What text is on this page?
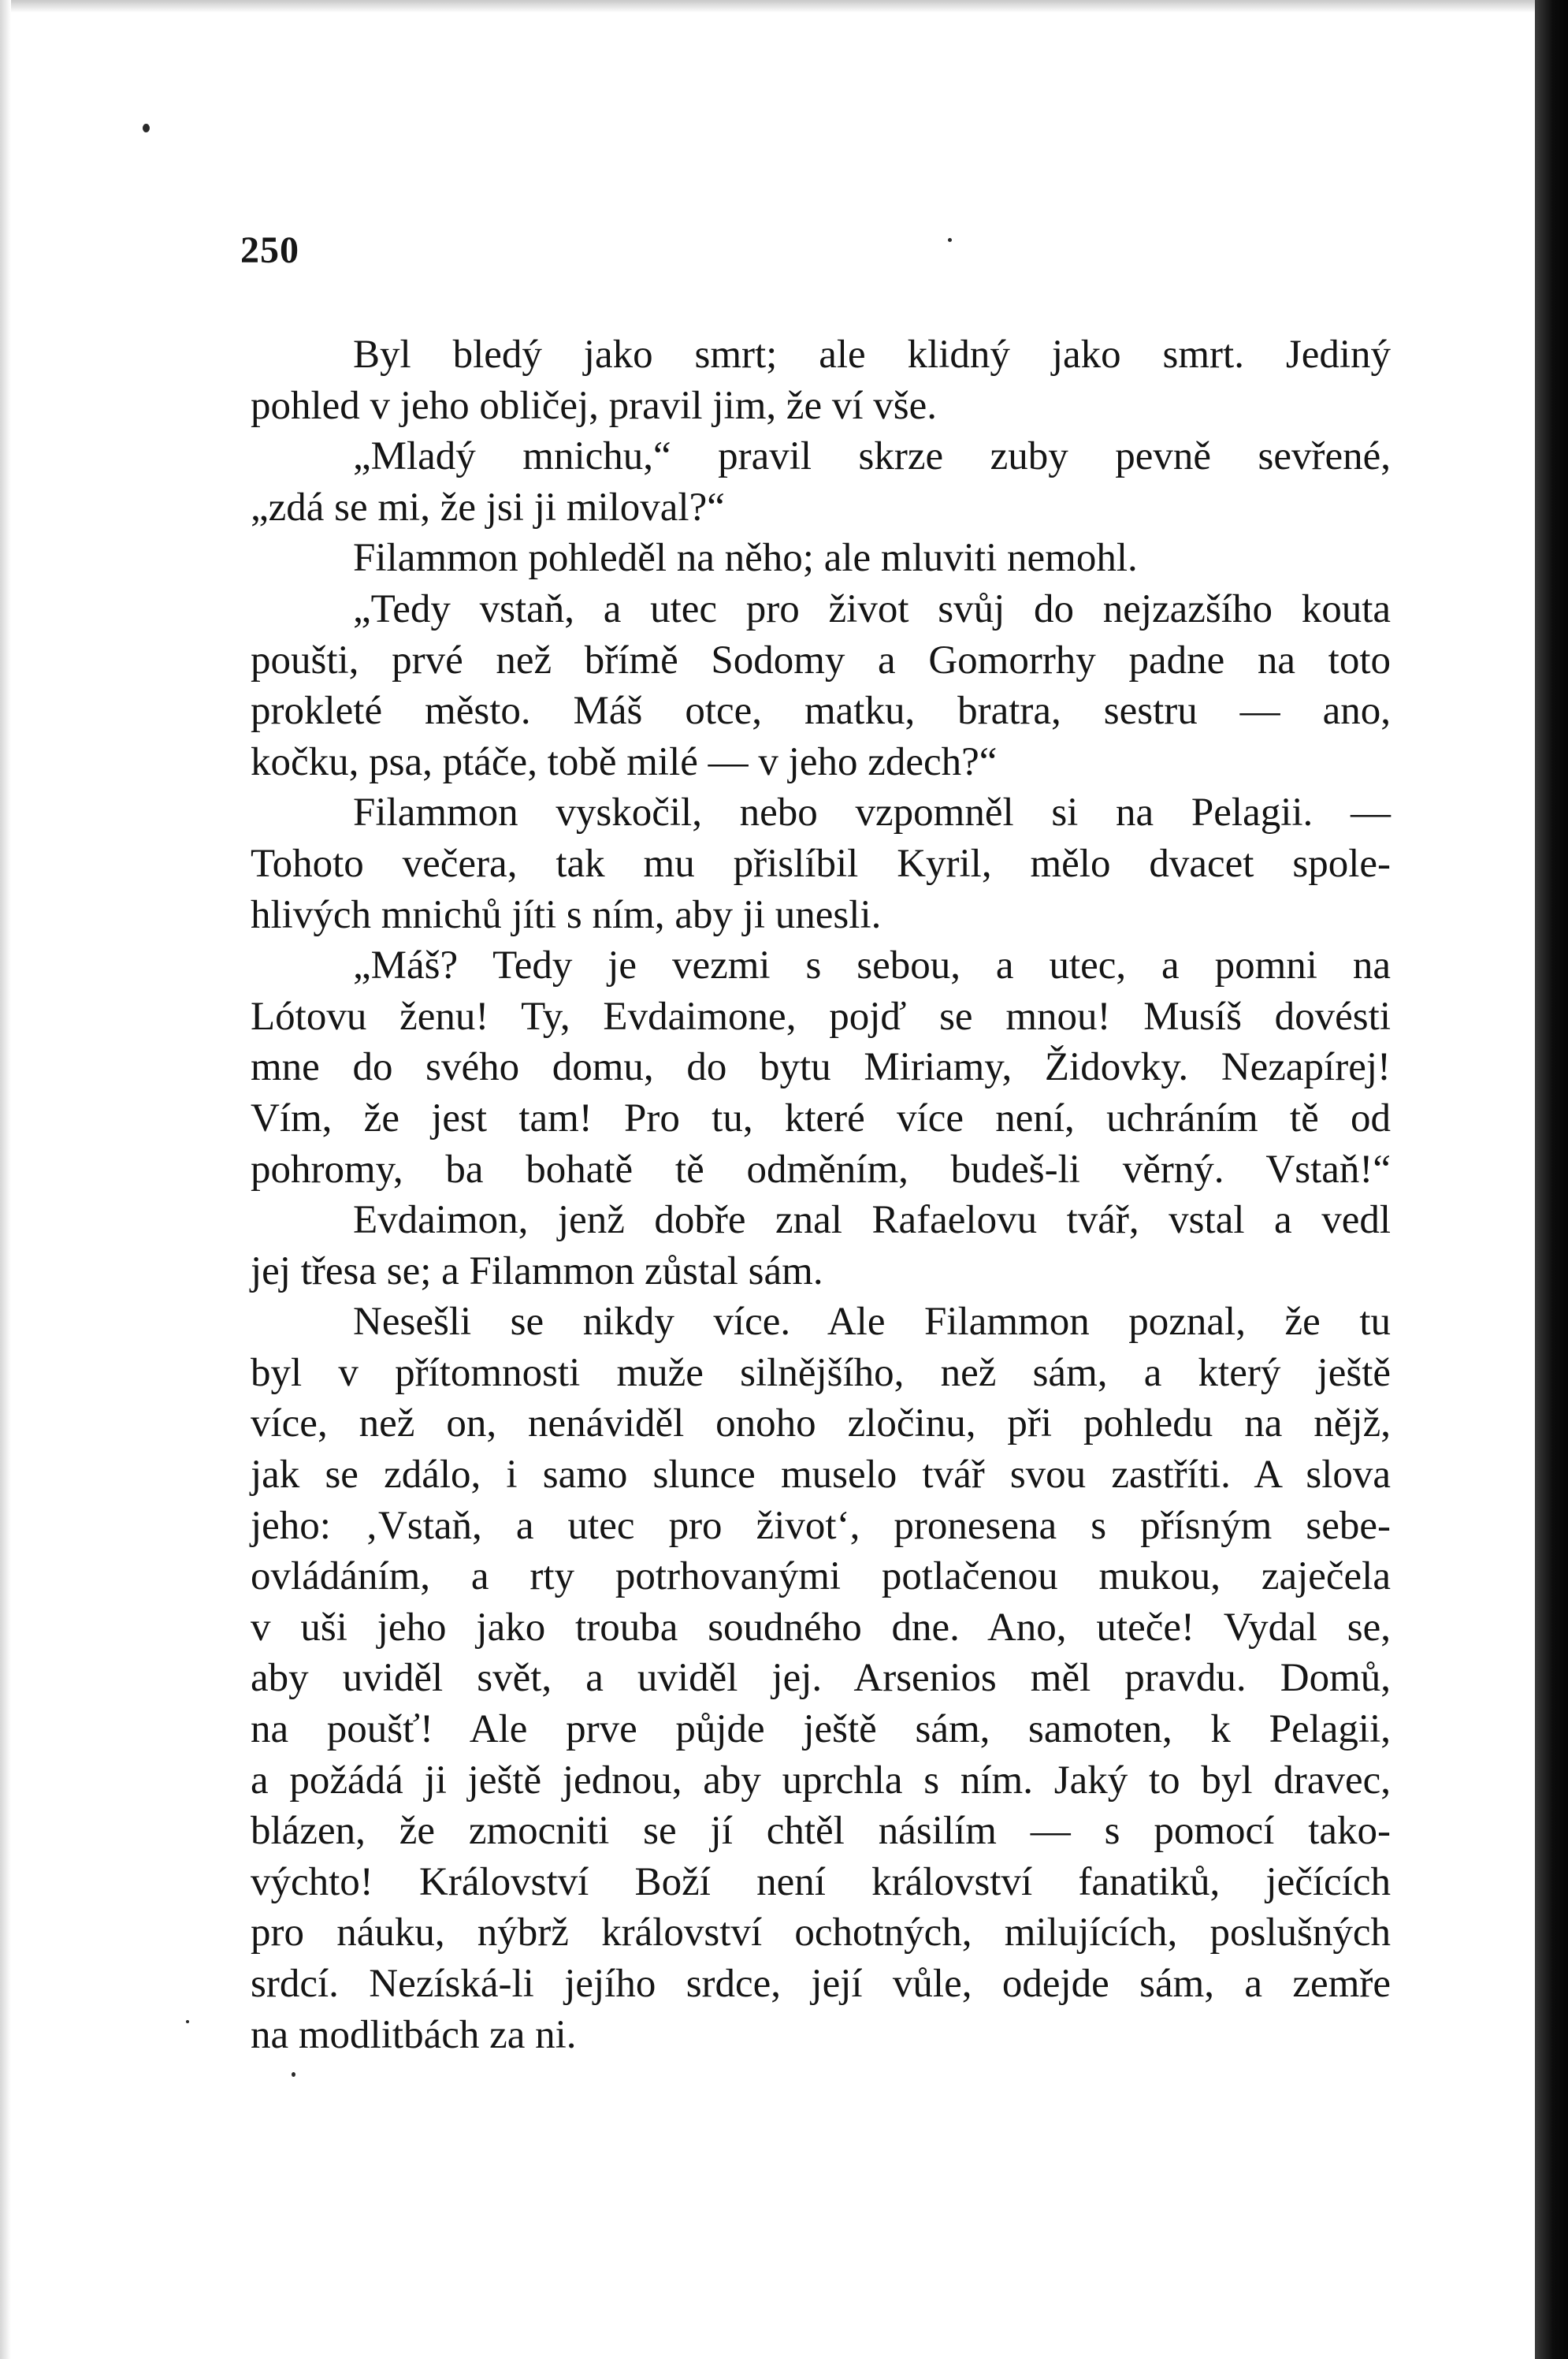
250
Byl bledý jako smrt; ale klidný jako smrt. Jediný
pohled v jeho obličej, pravil jim, že ví vše.
„Mladý mnichu,“ pravil skrze zuby pevně sevřené,
„zdá se mi, že jsi ji miloval?“
Filammon pohleděl na něho; ale mluviti nemohl.
„Tedy vstaň, a utec pro život svůj do nejzazšího kouta
poušti, prvé než břímě Sodomy a Gomorrhy padne na toto
prokleté město. Máš otce, matku, bratra, sestru — ano,
kočku, psa, ptáče, tobě milé — v jeho zdech?“
Filammon vyskočil, nebo vzpomněl si na Pelagii. —
Tohoto večera, tak mu přislíbil Kyril, mělo dvacet spole-
hlivých mnichů jíti s ním, aby ji unesli.
„Máš? Tedy je vezmi s sebou, a utec, a pomni na
Lótovu ženu! Ty, Evdaimone, pojď se mnou! Musíš dovésti
mne do svého domu, do bytu Miriamy, Židovky. Nezapírej!
Vím, že jest tam! Pro tu, které více není, uchráním tě od
pohromy, ba bohatě tě odměním, budeš-li věrný. Vstaň!“
Evdaimon, jenž dobře znal Rafaelovu tvář, vstal a vedl
jej třesa se; a Filammon zůstal sám.
Nesešli se nikdy více. Ale Filammon poznal, že tu
byl v přítomnosti muže silnějšího, než sám, a který ještě
více, než on, nenáviděl onoho zločinu, při pohledu na nějž,
jak se zdálo, i samo slunce muselo tvář svou zastříti. A slova
jeho: ‚Vstaň, a utec pro život‘, pronesena s přísným sebe-
ovládáním, a rty potrhovanými potlačenou mukou, zaječela
v uši jeho jako trouba soudného dne. Ano, uteče! Vydal se,
aby uviděl svět, a uviděl jej. Arsenios měl pravdu. Domů,
na poušť! Ale prve půjde ještě sám, samoten, k Pelagii,
a požádá ji ještě jednou, aby uprchla s ním. Jaký to byl dravec,
blázen, že zmocniti se jí chtěl násilím — s pomocí tako-
výchto! Království Boží není království fanatiků, ječících
pro náuku, nýbrž království ochotných, milujících, poslušných
srdcí. Nezíská-li jejího srdce, její vůle, odejde sám, a zemře
na modlitbách za ni.
